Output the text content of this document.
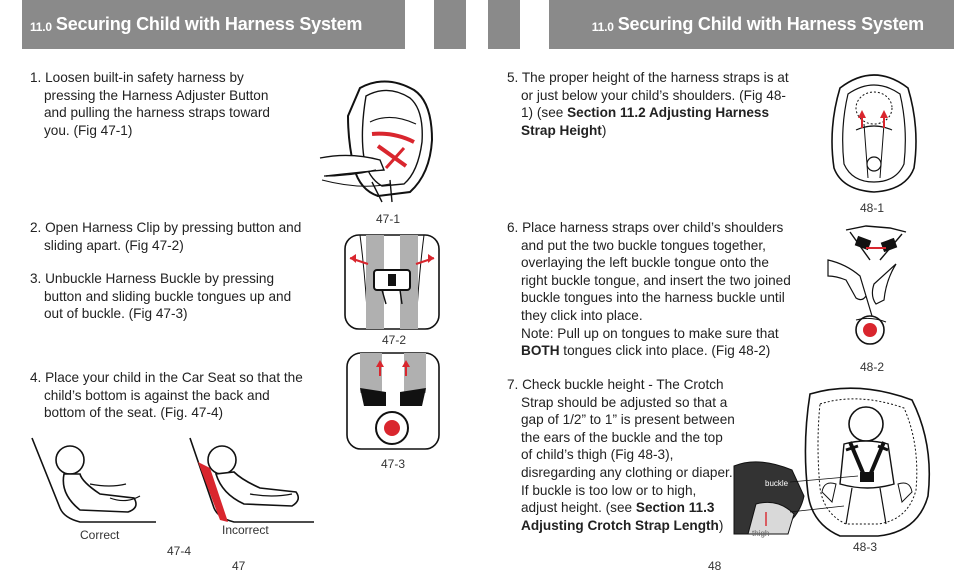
11.0 Securing Child with Harness System	11.0 Securing Child with Harness System
1. Loosen built-in safety harness by pressing the Harness Adjuster Button and pulling the harness straps toward you. (Fig 47-1)
2. Open Harness Clip by pressing button and sliding apart. (Fig 47-2)
3. Unbuckle Harness Buckle by pressing button and sliding buckle tongues up and out of buckle. (Fig 47-3)
4. Place your child in the Car Seat so that the child’s bottom is against the back and bottom of the seat. (Fig. 47-4)
47-1
47-2
47-3
Correct	Incorrect
47-4
47
5. The proper height of the harness straps is at or just below your child’s shoulders. (Fig 48-1) (see Section 11.2 Adjusting Harness Strap Height)
6. Place harness straps over child’s shoulders and put the two buckle tongues together, overlaying the left buckle tongue onto the right buckle tongue, and insert the two joined buckle tongues into the harness buckle until they click into place.
Note: Pull up on tongues to make sure that BOTH tongues click into place. (Fig 48-2)
7. Check buckle height - The Crotch Strap should be adjusted so that a gap of 1/2” to 1” is present between the ears of the buckle and the top of child’s thigh (Fig 48-3), disregarding any clothing or diaper. If buckle is too low or to high, adjust height. (see Section 11.3 Adjusting Crotch Strap Length)
48-1
48-2
buckle
thigh
48-3
48
